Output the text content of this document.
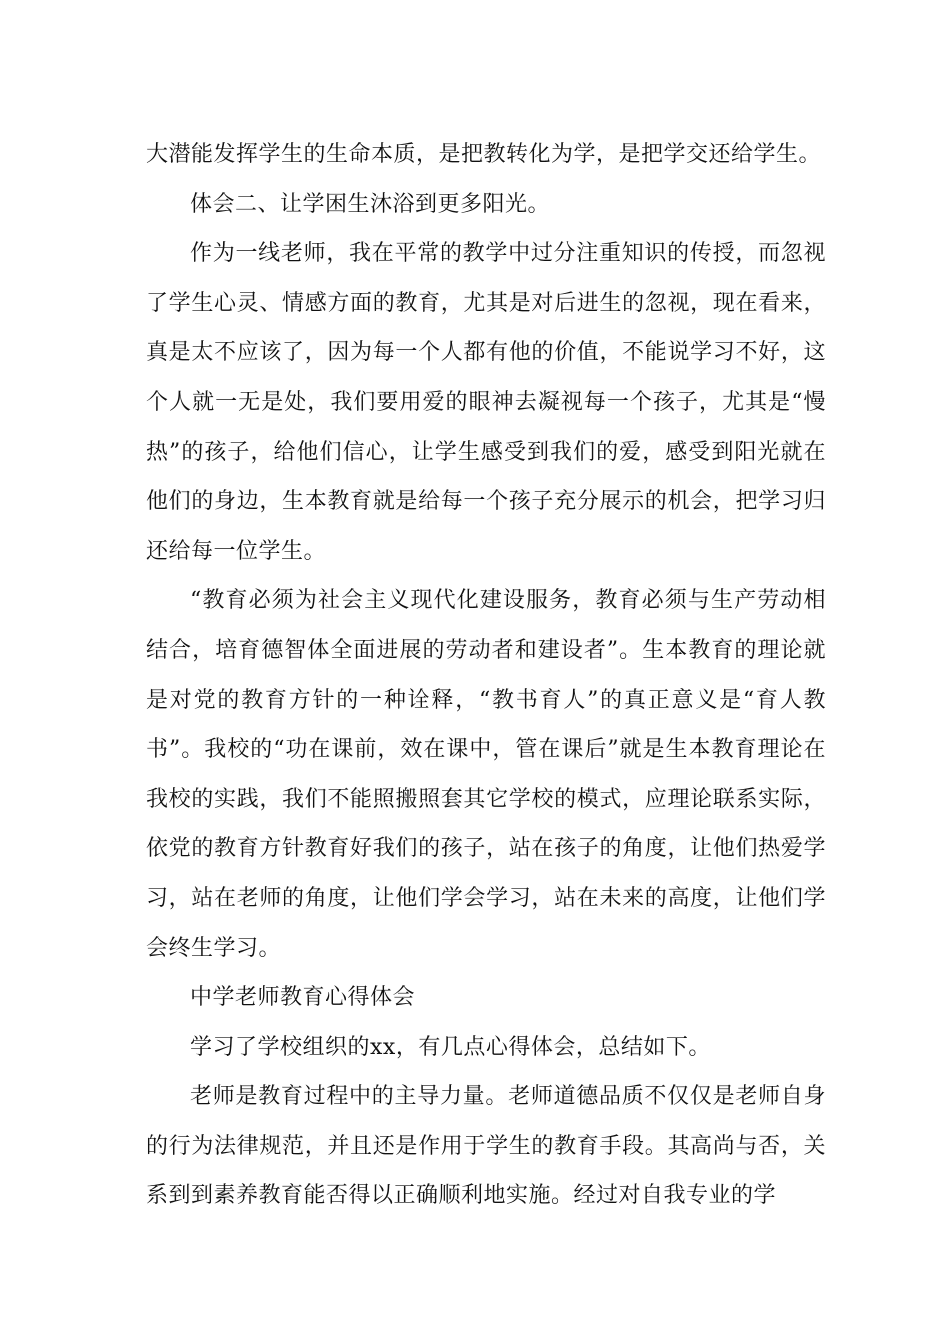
大潜能发挥学生的生命本质，是把教转化为学，是把学交还给学生。

体会二、让学困生沐浴到更多阳光。

作为一线老师，我在平常的教学中过分注重知识的传授，而忽视了学生心灵、情感方面的教育，尤其是对后进生的忽视，现在看来，真是太不应该了，因为每一个人都有他的价值，不能说学习不好，这个人就一无是处，我们要用爱的眼神去凝视每一个孩子，尤其是“慢热”的孩子，给他们信心，让学生感受到我们的爱，感受到阳光就在他们的身边，生本教育就是给每一个孩子充分展示的机会，把学习归还给每一位学生。

“教育必须为社会主义现代化建设服务，教育必须与生产劳动相结合，培育德智体全面进展的劳动者和建设者”。生本教育的理论就是对党的教育方针的一种诠释，“教书育人”的真正意义是“育人教书”。我校的“功在课前，效在课中，管在课后”就是生本教育理论在我校的实践，我们不能照搬照套其它学校的模式，应理论联系实际，依党的教育方针教育好我们的孩子，站在孩子的角度，让他们热爱学习，站在老师的角度，让他们学会学习，站在未来的高度，让他们学会终生学习。

中学老师教育心得体会

学习了学校组织的xx，有几点心得体会，总结如下。

老师是教育过程中的主导力量。老师道德品质不仅仅是老师自身的行为法律规范，并且还是作用于学生的教育手段。其高尚与否，关系到到素养教育能否得以正确顺利地实施。经过对自我专业的学
